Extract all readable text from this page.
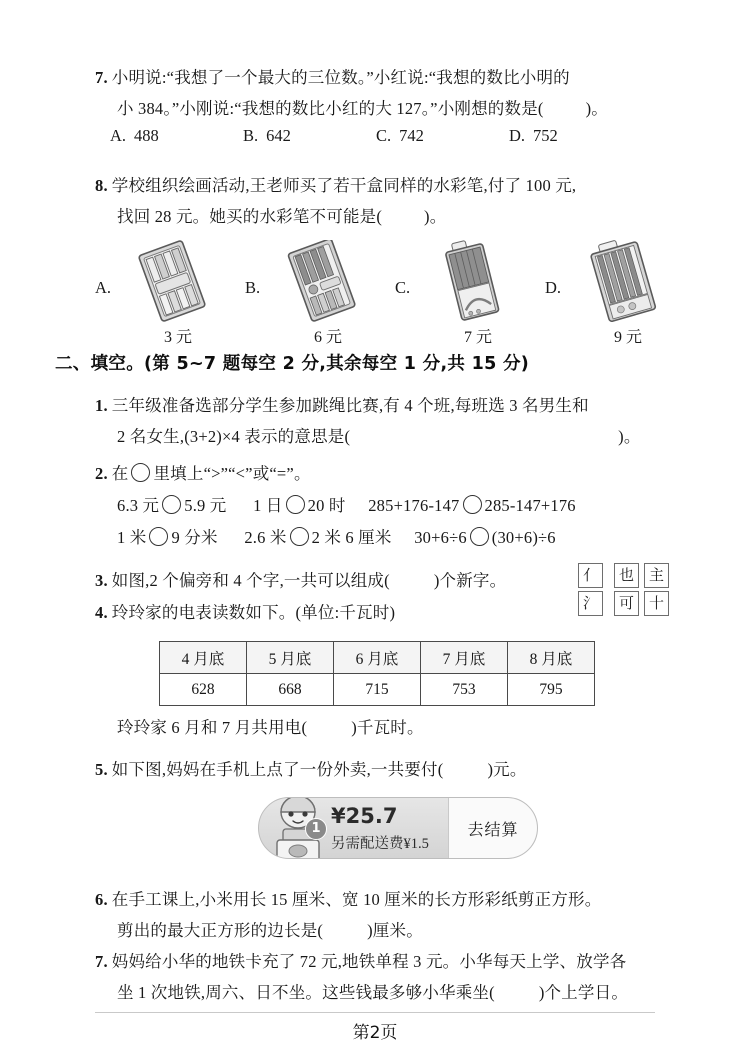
7. 小明说:“我想了一个最大的三位数。”小红说:“我想的数比小明的
小 384。”小刚说:“我想的数比小红的大 127。”小刚想的数是(	)。
A. 488	B. 642	C. 742	D. 752
8. 学校组织绘画活动,王老师买了若干盒同样的水彩笔,付了 100 元,
找回 28 元。她买的水彩笔不可能是(	)。
A.
3 元
B.
6 元
C.
7 元
D.
9 元
二、填空。(第 5~7 题每空 2 分,其余每空 1 分,共 15 分)
1. 三年级准备选部分学生参加跳绳比赛,有 4 个班,每班选 3 名男生和
2 名女生,(3+2)×4 表示的意思是(	)。
2. 在 里填上“>”“<”或“=”。
6.3 元 5.9 元 1 日 20 时 285+176-147 285-147+176
1 米 9 分米 2.6 米 2 米 6 厘米 30+6÷6 (30+6)÷6
3. 如图,2 个偏旁和 4 个字,一共可以组成(	)个新字。	亻	也 主
氵	可 十
4. 玲玲家的电表读数如下。(单位:千瓦时)
4 月底	5 月底	6 月底	7 月底	8 月底
628	668	715	753	795
玲玲家 6 月和 7 月共用电(	)千瓦时。
5. 如下图,妈妈在手机上点了一份外卖,一共要付(	)元。
1
¥25.7
另需配送费¥1.5
去结算
6. 在手工课上,小米用长 15 厘米、宽 10 厘米的长方形彩纸剪正方形。
剪出的最大正方形的边长是(	)厘米。
7. 妈妈给小华的地铁卡充了 72 元,地铁单程 3 元。小华每天上学、放学各
坐 1 次地铁,周六、日不坐。这些钱最多够小华乘坐(	)个上学日。
第2页
